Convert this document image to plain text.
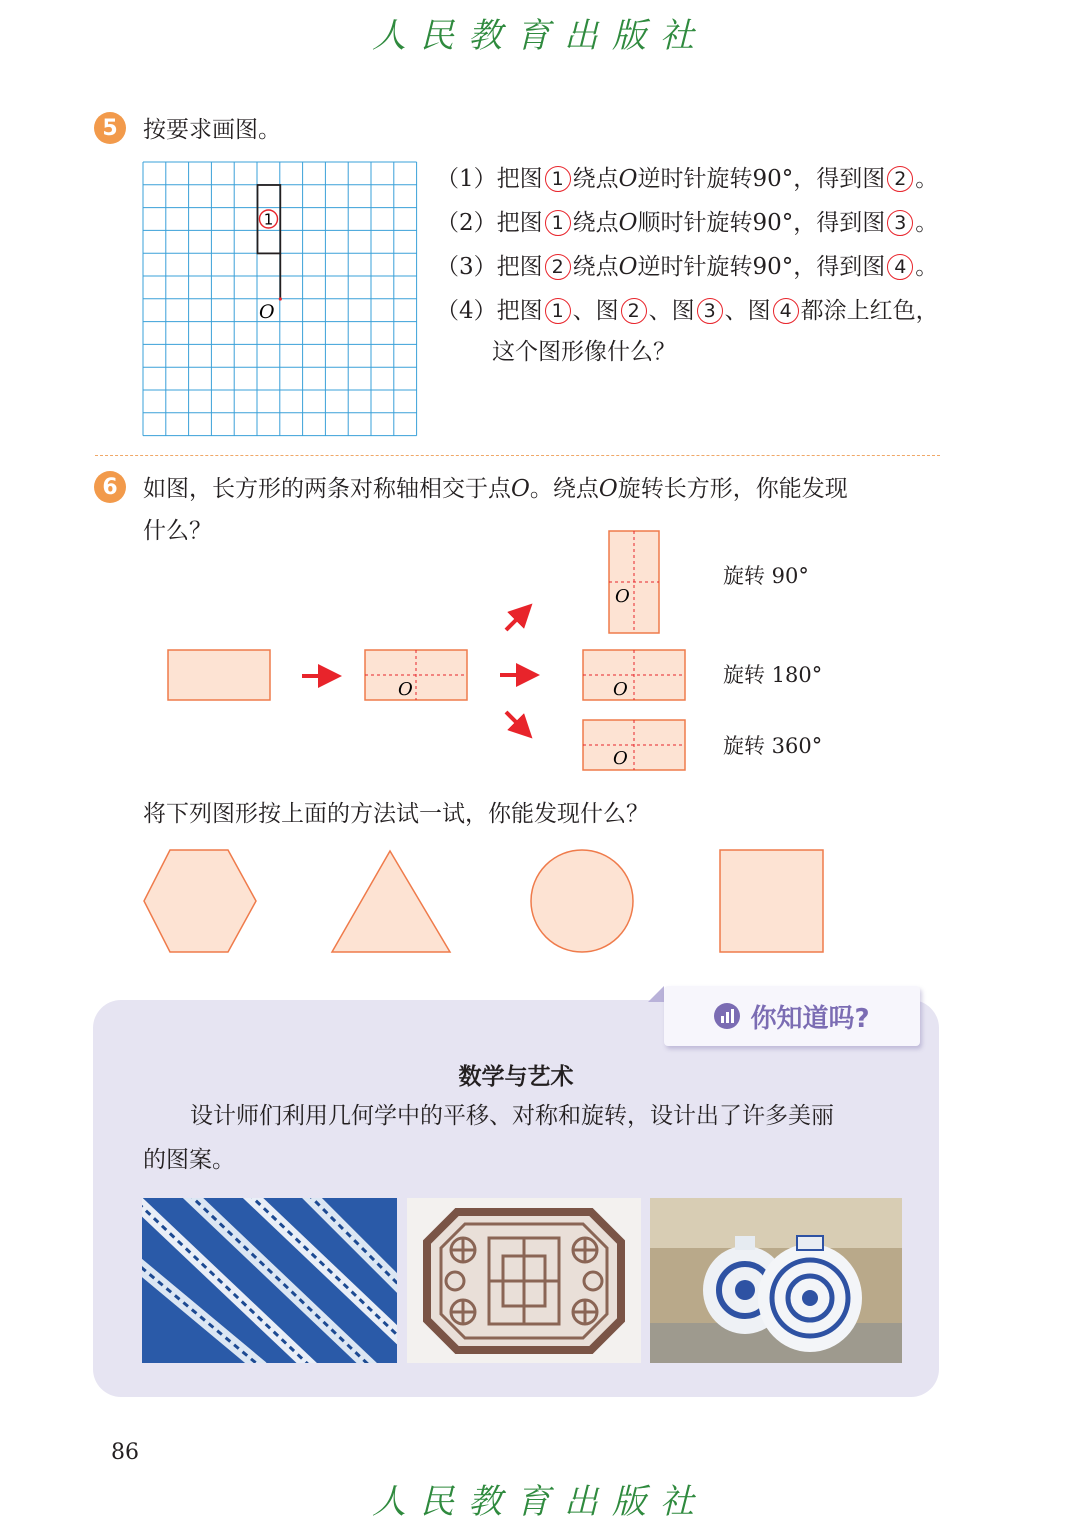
人民教育出版社
5	按要求画图。
1
O
（1）把图 1 绕点O逆时针旋转90°，得到图 2 。
（2）把图 1 绕点O顺时针旋转90°，得到图 3 。
（3）把图 2 绕点O逆时针旋转90°，得到图 4 。
（4）把图 1 、图 2 、图 3 、图 4 都涂上红色，
这个图形像什么？
6	如图，长方形的两条对称轴相交于点O。绕点O旋转长方形，你能发现
什么？
O
O
O
O
旋转 90°
旋转 180°
旋转 360°
将下列图形按上面的方法试一试，你能发现什么？
你知道吗?
数学与艺术
设计师们利用几何学中的平移、对称和旋转，设计出了许多美丽
的图案。
86
人民教育出版社
